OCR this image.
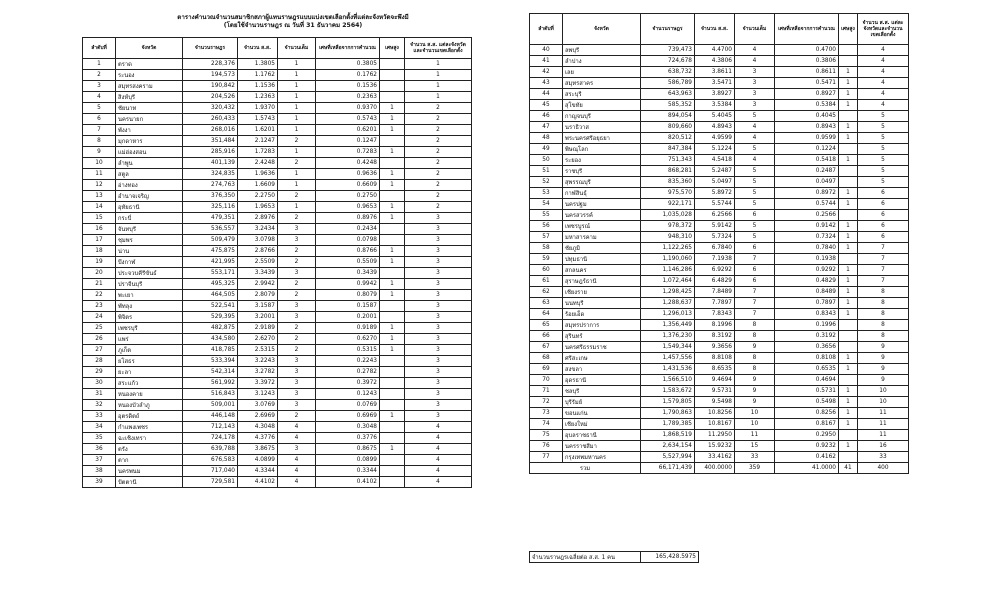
ตารางคำนวณจำนวนสมาชิกสภาผู้แทนราษฎรแบบแบ่งเขตเลือกตั้งที่แต่ละจังหวัดจะพึงมี
(โดยใช้จำนวนราษฎร ณ วันที่ 31 ธันวาคม 2564)
ลำดับที่	จังหวัด	จำนวนราษฎร	จำนวน ส.ส.	จำนวนเต็ม	เศษที่เหลือจากการคำนวณ	เศษสูง	จำนวน ส.ส. แต่ละจังหวัดและจำนวนเขตเลือกตั้ง
1	ตราด	228,376	1.3805	1	0.3805		1
2	ระนอง	194,573	1.1762	1	0.1762		1
3	สมุทรสงคราม	190,842	1.1536	1	0.1536		1
4	สิงห์บุรี	204,526	1.2363	1	0.2363		1
5	ชัยนาท	320,432	1.9370	1	0.9370	1	2
6	นครนายก	260,433	1.5743	1	0.5743	1	2
7	พังงา	268,016	1.6201	1	0.6201	1	2
8	มุกดาหาร	351,484	2.1247	2	0.1247		2
9	แม่ฮ่องสอน	285,916	1.7283	1	0.7283	1	2
10	ลำพูน	401,139	2.4248	2	0.4248		2
11	สตูล	324,835	1.9636	1	0.9636	1	2
12	อ่างทอง	274,763	1.6609	1	0.6609	1	2
13	อำนาจเจริญ	376,350	2.2750	2	0.2750		2
14	อุทัยธานี	325,116	1.9653	1	0.9653	1	2
15	กระบี่	479,351	2.8976	2	0.8976	1	3
16	จันทบุรี	536,557	3.2434	3	0.2434		3
17	ชุมพร	509,479	3.0798	3	0.0798		3
18	น่าน	475,875	2.8766	2	0.8766	1	3
19	บึงกาฬ	421,995	2.5509	2	0.5509	1	3
20	ประจวบคีรีขันธ์	553,171	3.3439	3	0.3439		3
21	ปราจีนบุรี	495,325	2.9942	2	0.9942	1	3
22	พะเยา	464,505	2.8079	2	0.8079	1	3
23	พัทลุง	522,541	3.1587	3	0.1587		3
24	พิจิตร	529,395	3.2001	3	0.2001		3
25	เพชรบุรี	482,875	2.9189	2	0.9189	1	3
26	แพร่	434,580	2.6270	2	0.6270	1	3
27	ภูเก็ต	418,785	2.5315	2	0.5315	1	3
28	ยโสธร	533,394	3.2243	3	0.2243		3
29	ยะลา	542,314	3.2782	3	0.2782		3
30	สระแก้ว	561,992	3.3972	3	0.3972		3
31	หนองคาย	516,843	3.1243	3	0.1243		3
32	หนองบัวลำภู	509,001	3.0769	3	0.0769		3
33	อุตรดิตถ์	446,148	2.6969	2	0.6969	1	3
34	กำแพงเพชร	712,143	4.3048	4	0.3048		4
35	ฉะเชิงเทรา	724,178	4.3776	4	0.3776		4
36	ตรัง	639,788	3.8675	3	0.8675	1	4
37	ตาก	676,583	4.0899	4	0.0899		4
38	นครพนม	717,040	4.3344	4	0.3344		4
39	ปัตตานี	729,581	4.4102	4	0.4102		4
ลำดับที่	จังหวัด	จำนวนราษฎร	จำนวน ส.ส.	จำนวนเต็ม	เศษที่เหลือจากการคำนวณ	เศษสูง	จำนวน ส.ส. แต่ละจังหวัดและจำนวนเขตเลือกตั้ง
40	ลพบุรี	739,473	4.4700	4	0.4700		4
41	ลำปาง	724,678	4.3806	4	0.3806		4
42	เลย	638,732	3.8611	3	0.8611	1	4
43	สมุทรสาคร	586,789	3.5471	3	0.5471	1	4
44	สระบุรี	643,963	3.8927	3	0.8927	1	4
45	สุโขทัย	585,352	3.5384	3	0.5384	1	4
46	กาญจนบุรี	894,054	5.4045	5	0.4045		5
47	นราธิวาส	809,660	4.8943	4	0.8943	1	5
48	พระนครศรีอยุธยา	820,512	4.9599	4	0.9599	1	5
49	พิษณุโลก	847,384	5.1224	5	0.1224		5
50	ระยอง	751,343	4.5418	4	0.5418	1	5
51	ราชบุรี	868,281	5.2487	5	0.2487		5
52	สุพรรณบุรี	835,360	5.0497	5	0.0497		5
53	กาฬสินธุ์	975,570	5.8972	5	0.8972	1	6
54	นครปฐม	922,171	5.5744	5	0.5744	1	6
55	นครสวรรค์	1,035,028	6.2566	6	0.2566		6
56	เพชรบูรณ์	978,372	5.9142	5	0.9142	1	6
57	มหาสารคาม	948,310	5.7324	5	0.7324	1	6
58	ชัยภูมิ	1,122,265	6.7840	6	0.7840	1	7
59	ปทุมธานี	1,190,060	7.1938	7	0.1938		7
60	สกลนคร	1,146,286	6.9292	6	0.9292	1	7
61	สุราษฎร์ธานี	1,072,464	6.4829	6	0.4829	1	7
62	เชียงราย	1,298,425	7.8489	7	0.8489	1	8
63	นนทบุรี	1,288,637	7.7897	7	0.7897	1	8
64	ร้อยเอ็ด	1,296,013	7.8343	7	0.8343	1	8
65	สมุทรปราการ	1,356,449	8.1996	8	0.1996		8
66	สุรินทร์	1,376,230	8.3192	8	0.3192		8
67	นครศรีธรรมราช	1,549,344	9.3656	9	0.3656		9
68	ศรีสะเกษ	1,457,556	8.8108	8	0.8108	1	9
69	สงขลา	1,431,536	8.6535	8	0.6535	1	9
70	อุดรธานี	1,566,510	9.4694	9	0.4694		9
71	ชลบุรี	1,583,672	9.5731	9	0.5731	1	10
72	บุรีรัมย์	1,579,805	9.5498	9	0.5498	1	10
73	ขอนแก่น	1,790,863	10.8256	10	0.8256	1	11
74	เชียงใหม่	1,789,385	10.8167	10	0.8167	1	11
75	อุบลราชธานี	1,868,519	11.2950	11	0.2950		11
76	นครราชสีมา	2,634,154	15.9232	15	0.9232	1	16
77	กรุงเทพมหานคร	5,527,994	33.4162	33	0.4162		33
รวม		66,171,439	400.0000	359	41.0000	41	400
จำนวนราษฎรเฉลี่ยต่อ ส.ส. 1 คน	165,428.5975
